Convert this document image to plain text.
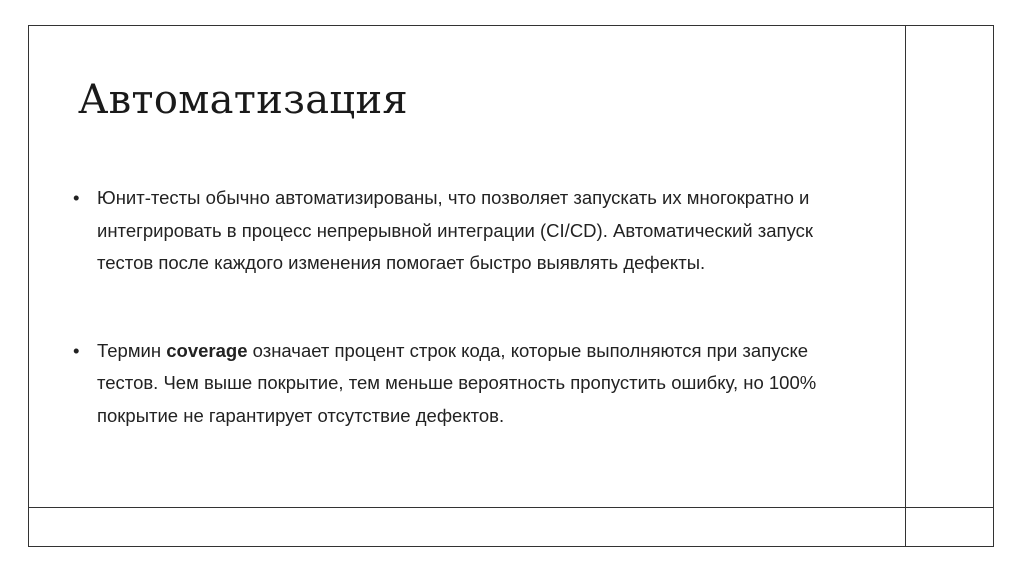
Автоматизация
• Юнит-тесты обычно автоматизированы, что позволяет запускать их многократно и интегрировать в процесс непрерывной интеграции (CI/CD). Автоматический запуск тестов после каждого изменения помогает быстро выявлять дефекты.
• Термин coverage означает процент строк кода, которые выполняются при запуске тестов. Чем выше покрытие, тем меньше вероятность пропустить ошибку, но 100% покрытие не гарантирует отсутствие дефектов.
